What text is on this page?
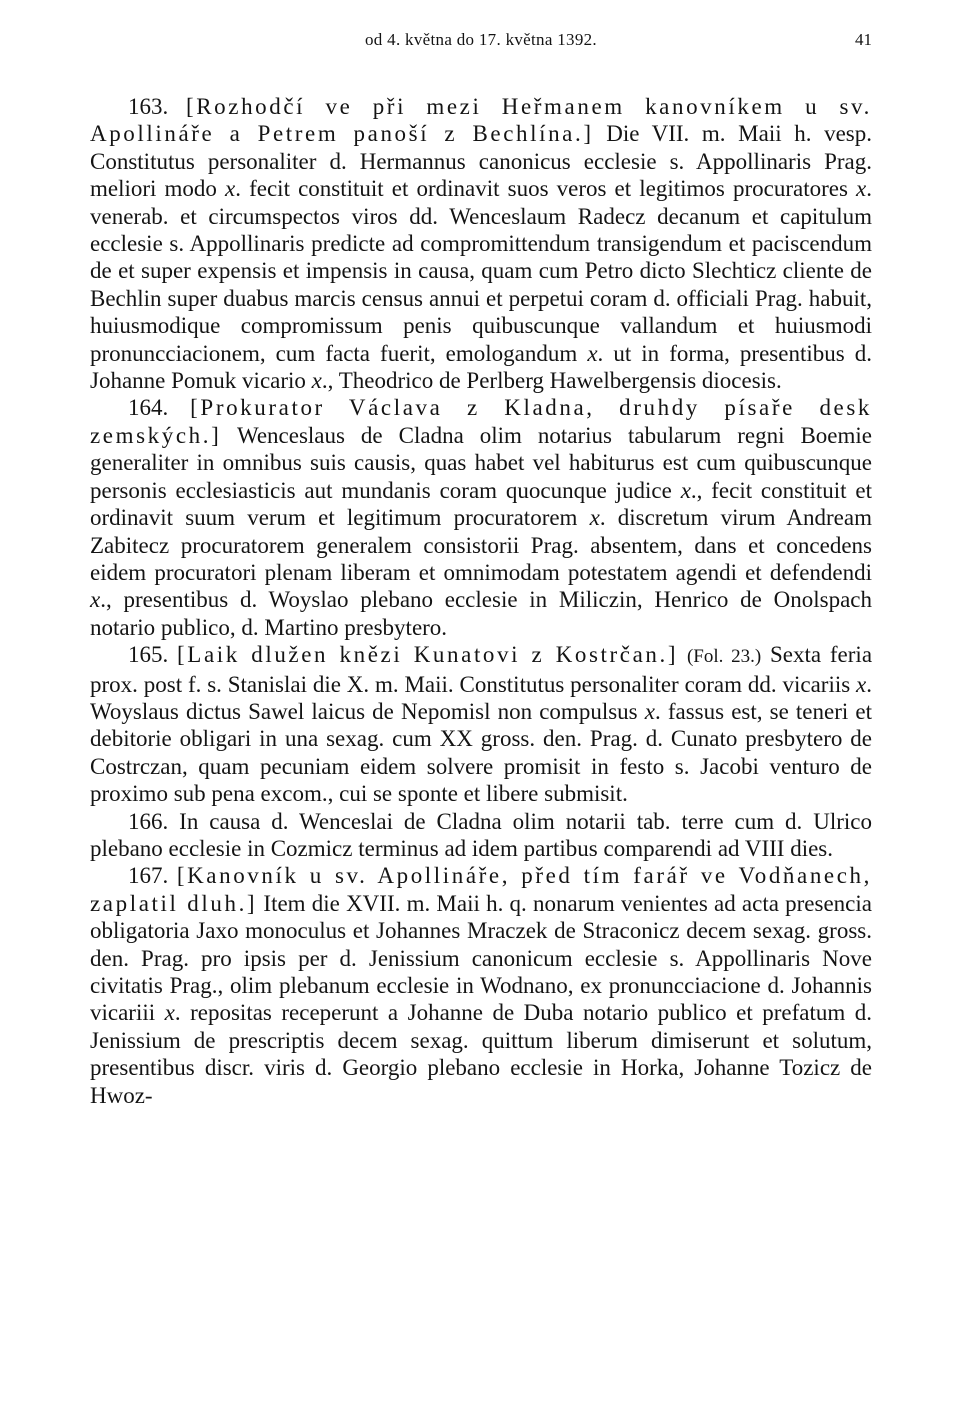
od 4. května do 17. května 1392.	41

163. [Rozhodčí ve při mezi Heřmanem kanovníkem u sv. Apollináře a Petrem panoší z Bechlína.] Die VII. m. Maii h. vesp. Constitutus personaliter d. Hermannus canonicus ecclesie s. Appollinaris Prag. meliori modo x. fecit constituit et ordinavit suos veros et legitimos procuratores x. venerab. et circumspectos viros dd. Wenceslaum Radecz decanum et capitulum ecclesie s. Appollinaris predicte ad compromittendum transigendum et paciscendum de et super expensis et impensis in causa, quam cum Petro dicto Slechticz cliente de Bechlin super duabus marcis census annui et perpetui coram d. officiali Prag. habuit, huiusmodique compromissum penis quibuscunque vallandum et huiusmodi pronuncciacionem, cum facta fuerit, emologandum x. ut in forma, presentibus d. Johanne Pomuk vicario x., Theodrico de Perlberg Hawelbergensis diocesis.

164. [Prokurator Václava z Kladna, druhdy písaře desk zemských.] Wenceslaus de Cladna olim notarius tabularum regni Boemie generaliter in omnibus suis causis, quas habet vel habiturus est cum quibuscunque personis ecclesiasticis aut mundanis coram quocunque judice x., fecit constituit et ordinavit suum verum et legitimum procuratorem x. discretum virum Andream Zabitecz procuratorem generalem consistorii Prag. absentem, dans et concedens eidem procuratori plenam liberam et omnimodam potestatem agendi et defendendi x., presentibus d. Woyslao plebano ecclesie in Miliczin, Henrico de Onolspach notario publico, d. Martino presbytero.

165. [Laik dlužen knězi Kunatovi z Kostrčan.] (Fol. 23.) Sexta feria prox. post f. s. Stanislai die X. m. Maii. Constitutus personaliter coram dd. vicariis x. Woyslaus dictus Sawel laicus de Nepomisl non compulsus x. fassus est, se teneri et debitorie obligari in una sexag. cum XX gross. den. Prag. d. Cunato presbytero de Costrczan, quam pecuniam eidem solvere promisit in festo s. Jacobi venturo de proximo sub pena excom., cui se sponte et libere submisit.

166. In causa d. Wenceslai de Cladna olim notarii tab. terre cum d. Ulrico plebano ecclesie in Cozmicz terminus ad idem partibus comparendi ad VIII dies.

167. [Kanovník u sv. Apollináře, před tím farář ve Vodňanech, zaplatil dluh.] Item die XVII. m. Maii h. q. nonarum venientes ad acta presencia obligatoria Jaxo monoculus et Johannes Mraczek de Straconicz decem sexag. gross. den. Prag. pro ipsis per d. Jenissium canonicum ecclesie s. Appollinaris Nove civitatis Prag., olim plebanum ecclesie in Wodnano, ex pronuncciacione d. Johannis vicariii x. repositas receperunt a Johanne de Duba notario publico et prefatum d. Jenissium de prescriptis decem sexag. quittum liberum dimiserunt et solutum, presentibus discr. viris d. Georgio plebano ecclesie in Horka, Johanne Tozicz de Hwoz-
